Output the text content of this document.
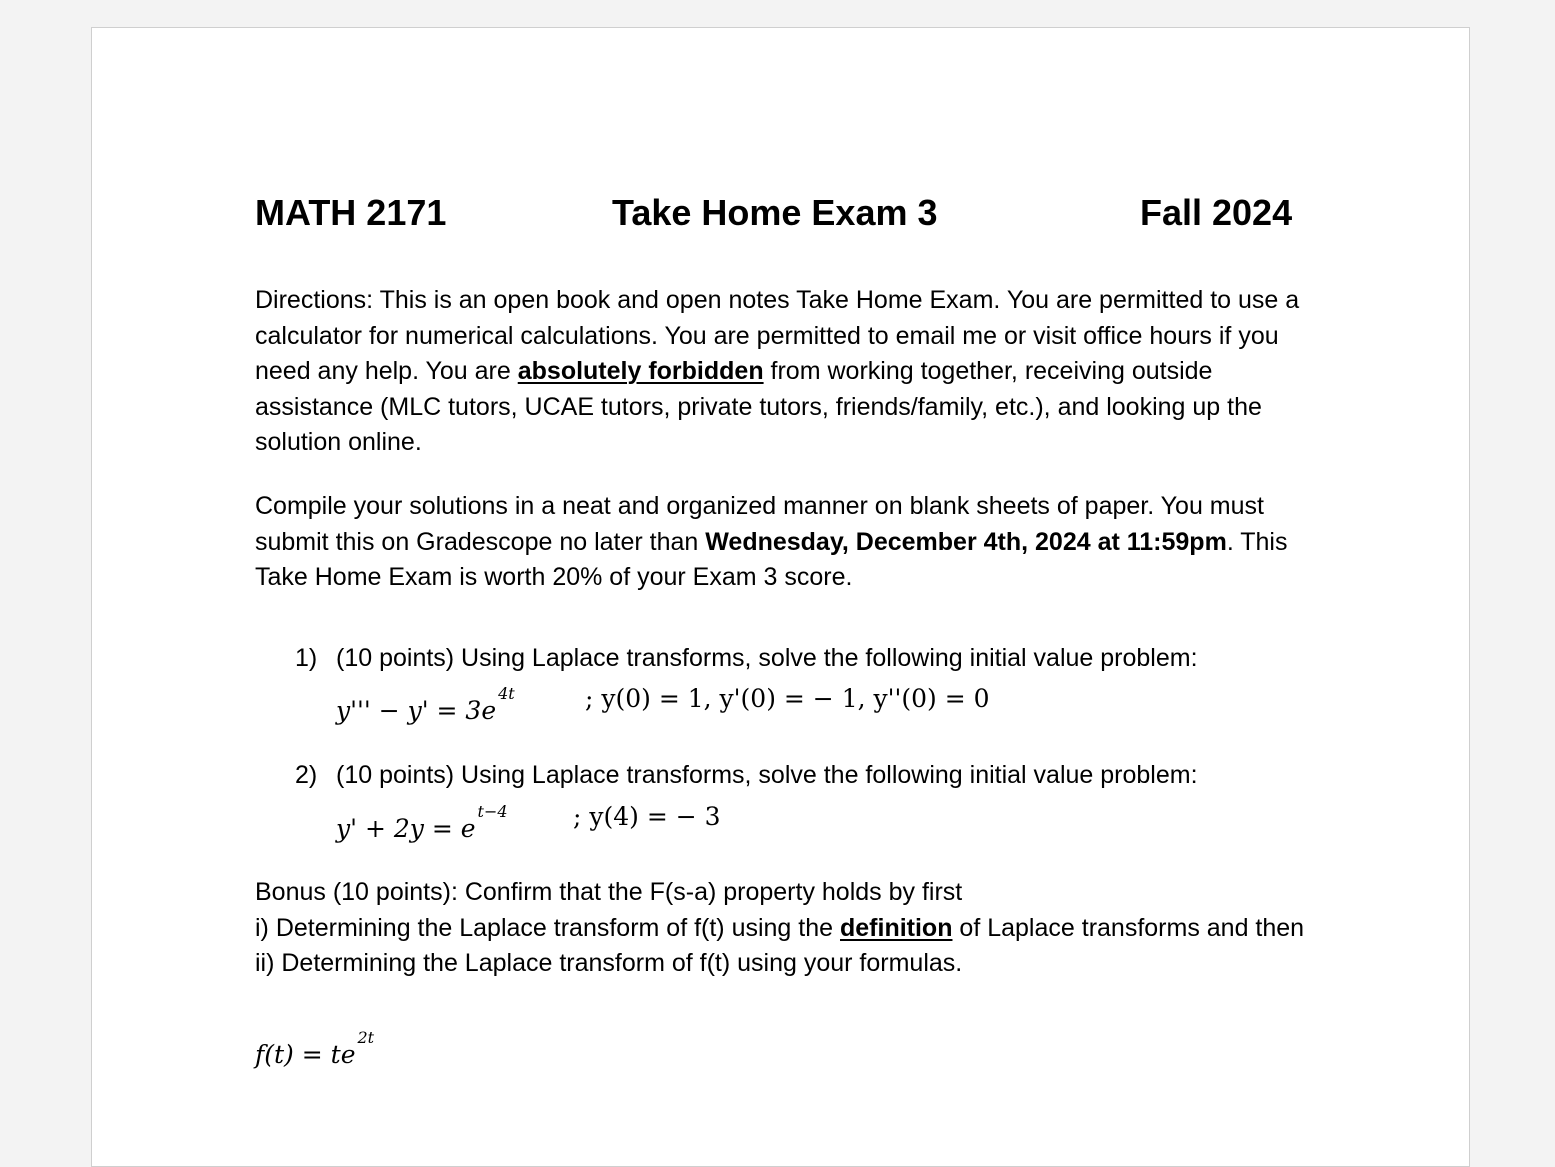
MATH 2171	Take Home Exam 3	Fall 2024
Directions: This is an open book and open notes Take Home Exam. You are permitted to use a calculator for numerical calculations. You are permitted to email me or visit office hours if you need any help. You are absolutely forbidden from working together, receiving outside assistance (MLC tutors, UCAE tutors, private tutors, friends/family, etc.), and looking up the solution online.
Compile your solutions in a neat and organized manner on blank sheets of paper. You must submit this on Gradescope no later than Wednesday, December 4th, 2024 at 11:59pm. This Take Home Exam is worth 20% of your Exam 3 score.
1) (10 points) Using Laplace transforms, solve the following initial value problem:
$y''' - y' = 3e^{4t}$	; y(0) = 1, y'(0) = − 1, y''(0) = 0
2) (10 points) Using Laplace transforms, solve the following initial value problem:
$y' + 2y = e^{t-4}$	; y(4) = − 3
Bonus (10 points): Confirm that the F(s-a) property holds by first
i) Determining the Laplace transform of f(t) using the definition of Laplace transforms and then
ii) Determining the Laplace transform of f(t) using your formulas.
$f(t) = te^{2t}$
